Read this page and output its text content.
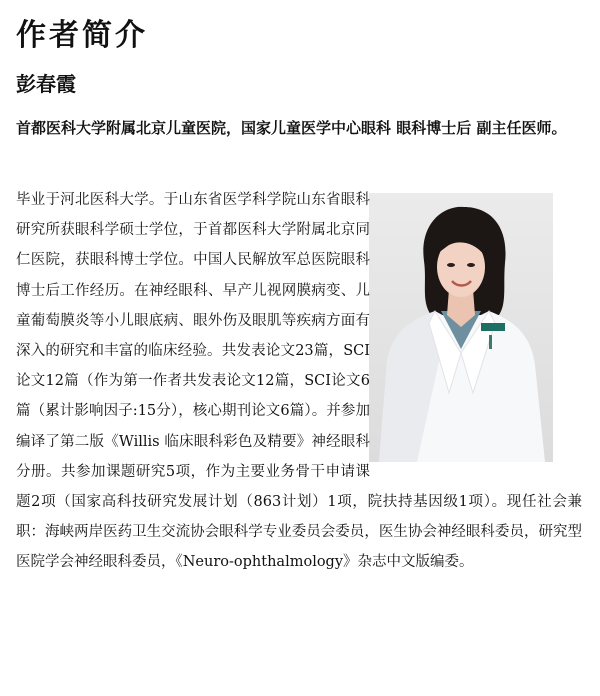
作者简介
彭春霞

首都医科大学附属北京儿童医院，国家儿童医学中心眼科 眼科博士后 副主任医师。

毕业于河北医科大学。于山东省医学科学院山东省眼科研究所获眼科学硕士学位，于首都医科大学附属北京同仁医院，获眼科博士学位。中国人民解放军总医院眼科博士后工作经历。在神经眼科、早产儿视网膜病变、儿童葡萄膜炎等小儿眼底病、眼外伤及眼肌等疾病方面有深入的研究和丰富的临床经验。共发表论文23篇，SCI论文12篇（作为第一作者共发表论文12篇，SCI论文6篇（累计影响因子:15分），核心期刊论文6篇）。并参加编译了第二版《Willis 临床眼科彩色及精要》神经眼科分册。共参加课题研究5项，作为主要业务骨干申请课题2项（国家高科技研究发展计划（863计划）1项，院扶持基因级1项）。现任社会兼职：海峡两岸医药卫生交流协会眼科学专业委员会委员，医生协会神经眼科委员，研究型医院学会神经眼科委员，《Neuro-ophthalmology》杂志中文版编委。
